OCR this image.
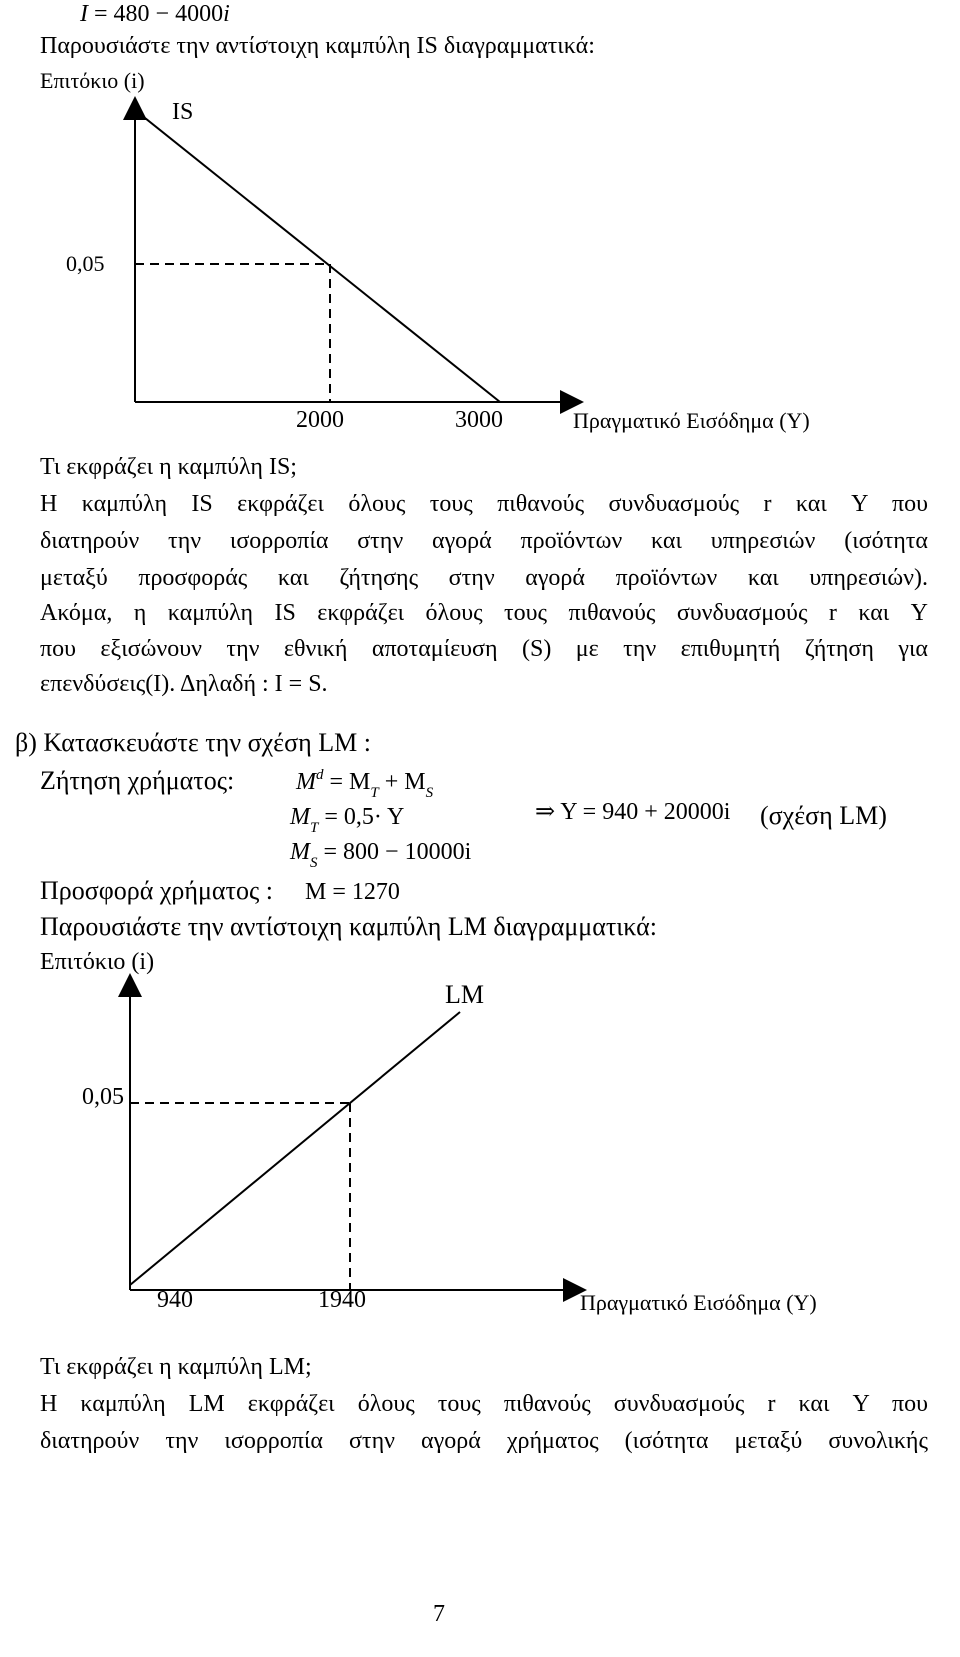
I = 480 − 4000i
Παρουσιάστε την αντίστοιχη καμπύλη IS διαγραμματικά:
Επιτόκιο (i)
IS
0,05
2000	3000	Πραγματικό Εισόδημα (Υ)
Τι εκφράζει η καμπύλη IS;
Η καμπύλη IS εκφράζει όλους τους πιθανούς συνδυασμούς r και Y που
διατηρούν την ισορροπία στην αγορά προϊόντων και υπηρεσιών (ισότητα
μεταξύ προσφοράς και ζήτησης στην αγορά προϊόντων και υπηρεσιών).
Ακόμα, η καμπύλη IS εκφράζει όλους τους πιθανούς συνδυασμούς r και Y
που εξισώνουν την εθνική αποταμίευση (S) με την επιθυμητή ζήτηση για
επενδύσεις(I). Δηλαδή : I = S.
β) Κατασκευάστε την σχέση LM :
Ζήτηση χρήματος:	$M^d = M_T + M_S$
$M_T = 0,5\cdot Y$	⇒ Y = 940 + 20000i (σχέση LM)
$M_S = 800 - 10000i$
Προσφορά χρήματος : M = 1270
Παρουσιάστε την αντίστοιχη καμπύλη LM διαγραμματικά:
Επιτόκιο (i)
LM
0,05
940	1940	Πραγματικό Εισόδημα (Υ)
Τι εκφράζει η καμπύλη LM;
Η καμπύλη LM εκφράζει όλους τους πιθανούς συνδυασμούς r και Y που
διατηρούν την ισορροπία στην αγορά χρήματος (ισότητα μεταξύ συνολικής
7
